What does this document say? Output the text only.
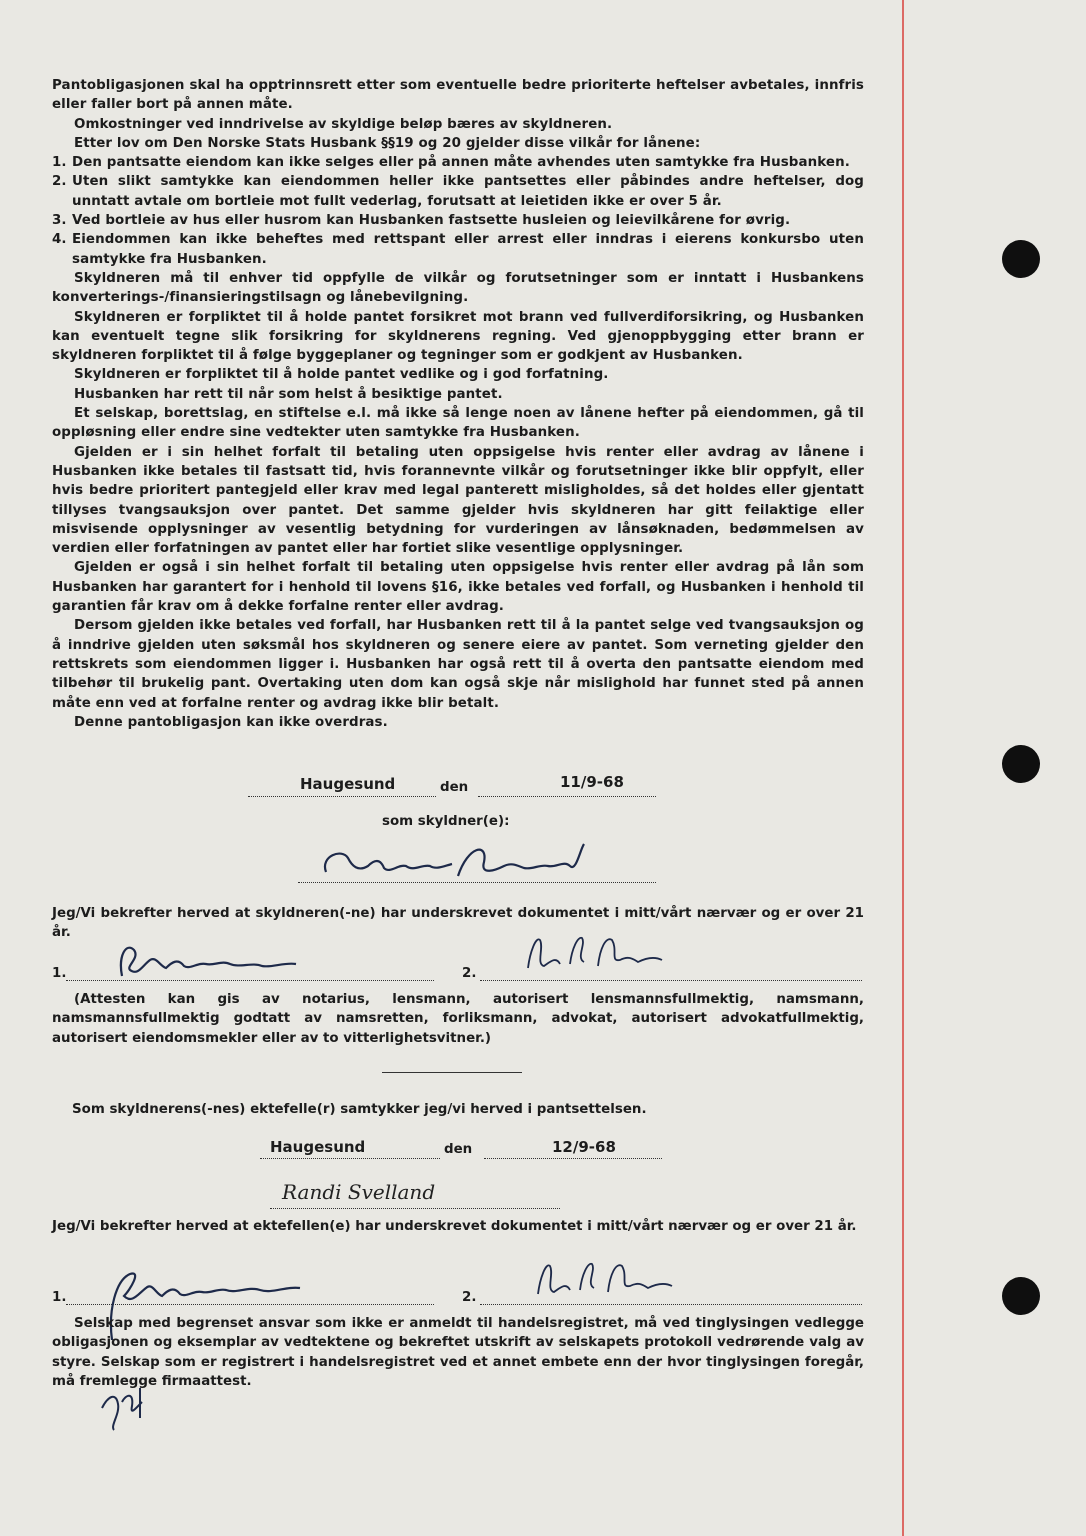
Pantobligasjonen skal ha opptrinnsrett etter som eventuelle bedre prioriterte heftelser avbetales, innfris eller faller bort på annen måte.

Omkostninger ved inndrivelse av skyldige beløp bæres av skyldneren.

Etter lov om Den Norske Stats Husbank §§19 og 20 gjelder disse vilkår for lånene:

1. Den pantsatte eiendom kan ikke selges eller på annen måte avhendes uten samtykke fra Husbanken.
2. Uten slikt samtykke kan eiendommen heller ikke pantsettes eller påbindes andre heftelser, dog unntatt avtale om bortleie mot fullt vederlag, forutsatt at leietiden ikke er over 5 år.
3. Ved bortleie av hus eller husrom kan Husbanken fastsette husleien og leievilkårene for øvrig.
4. Eiendommen kan ikke beheftes med rettspant eller arrest eller inndras i eierens konkursbo uten samtykke fra Husbanken.

Skyldneren må til enhver tid oppfylle de vilkår og forutsetninger som er inntatt i Husbankens konverterings-/finansieringstilsagn og lånebevilgning.

Skyldneren er forpliktet til å holde pantet forsikret mot brann ved fullverdiforsikring, og Husbanken kan eventuelt tegne slik forsikring for skyldnerens regning. Ved gjenoppbygging etter brann er skyldneren forpliktet til å følge byggeplaner og tegninger som er godkjent av Husbanken.

Skyldneren er forpliktet til å holde pantet vedlike og i god forfatning.

Husbanken har rett til når som helst å besiktige pantet.

Et selskap, borettslag, en stiftelse e.l. må ikke så lenge noen av lånene hefter på eiendommen, gå til oppløsning eller endre sine vedtekter uten samtykke fra Husbanken.

Gjelden er i sin helhet forfalt til betaling uten oppsigelse hvis renter eller avdrag av lånene i Husbanken ikke betales til fastsatt tid, hvis forannevnte vilkår og forutsetninger ikke blir oppfylt, eller hvis bedre prioritert pantegjeld eller krav med legal panterett misligholdes, så det holdes eller gjentatt tillyses tvangsauksjon over pantet. Det samme gjelder hvis skyldneren har gitt feilaktige eller misvisende opplysninger av vesentlig betydning for vurderingen av lånsøknaden, bedømmelsen av verdien eller forfatningen av pantet eller har fortiet slike vesentlige opplysninger.

Gjelden er også i sin helhet forfalt til betaling uten oppsigelse hvis renter eller avdrag på lån som Husbanken har garantert for i henhold til lovens §16, ikke betales ved forfall, og Husbanken i henhold til garantien får krav om å dekke forfalne renter eller avdrag.

Dersom gjelden ikke betales ved forfall, har Husbanken rett til å la pantet selge ved tvangsauksjon og å inndrive gjelden uten søksmål hos skyldneren og senere eiere av pantet. Som verneting gjelder den rettskrets som eiendommen ligger i. Husbanken har også rett til å overta den pantsatte eiendom med tilbehør til brukelig pant. Overtaking uten dom kan også skje når mislighold har funnet sted på annen måte enn ved at forfalne renter og avdrag ikke blir betalt.

Denne pantobligasjon kan ikke overdras.

Haugesund	den	11/9-68
som skyldner(e):
Jeg/Vi bekrefter herved at skyldneren(-ne) har underskrevet dokumentet i mitt/vårt nærvær og er over 21 år.
1.	2.
(Attesten kan gis av notarius, lensmann, autorisert lensmannsfullmektig, namsmann, namsmannsfullmektig godtatt av namsretten, forliksmann, advokat, autorisert advokatfullmektig, autorisert eiendomsmekler eller av to vitterlighetsvitner.)
Som skyldnerens(-nes) ektefelle(r) samtykker jeg/vi herved i pantsettelsen.
Haugesund	den	12/9-68
Randi Svelland
Jeg/Vi bekrefter herved at ektefellen(e) har underskrevet dokumentet i mitt/vårt nærvær og er over 21 år.
1.	2.
Selskap med begrenset ansvar som ikke er anmeldt til handelsregistret, må ved tinglysingen vedlegge obligasjonen og eksemplar av vedtektene og bekreftet utskrift av selskapets protokoll vedrørende valg av styre. Selskap som er registrert i handelsregistret ved et annet embete enn der hvor tinglysingen foregår, må fremlegge firmaattest.
